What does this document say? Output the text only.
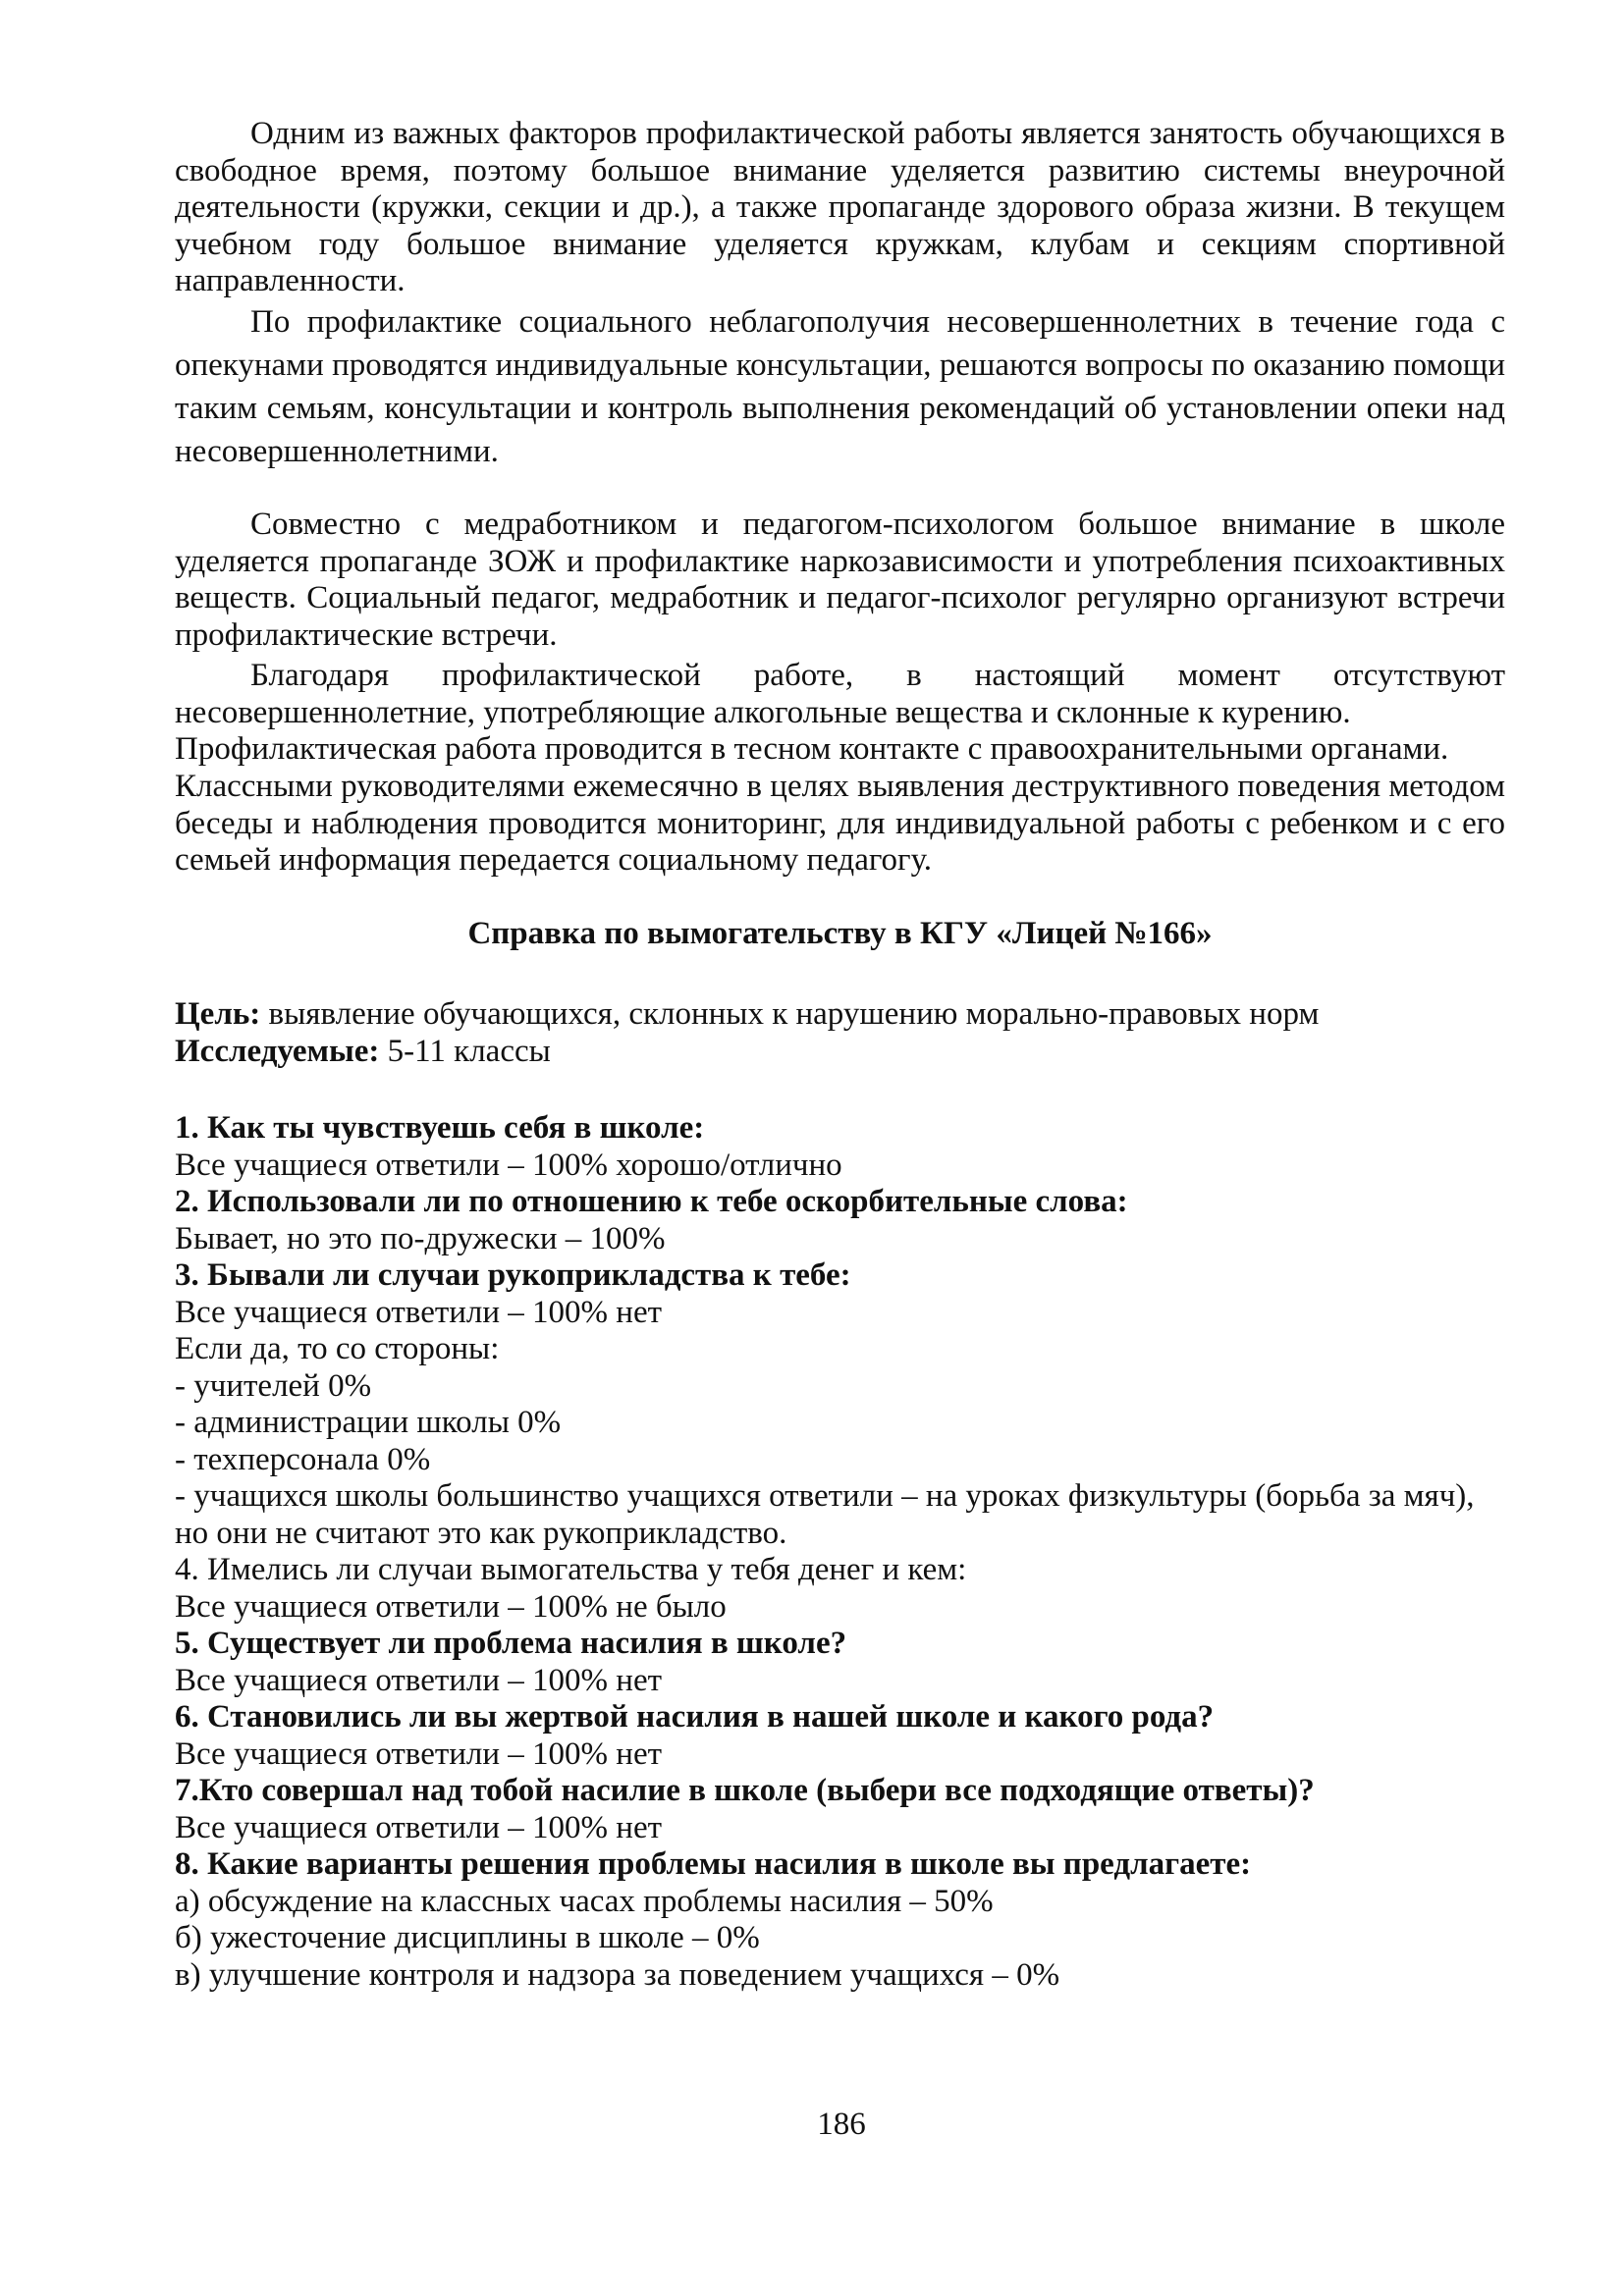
Одним из важных факторов профилактической работы является занятость обучающихся в свободное время, поэтому большое внимание уделяется развитию системы внеурочной деятельности (кружки, секции и др.), а также пропаганде здорового образа жизни. В текущем учебном году большое внимание уделяется кружкам, клубам и секциям спортивной направленности.

По профилактике социального неблагополучия несовершеннолетних в течение года с опекунами проводятся индивидуальные консультации, решаются вопросы по оказанию помощи таким семьям, консультации и контроль выполнения рекомендаций об установлении опеки над несовершеннолетними.

Совместно с медработником и педагогом-психологом большое внимание в школе уделяется пропаганде ЗОЖ и профилактике наркозависимости и употребления психоактивных веществ. Социальный педагог, медработник и педагог-психолог регулярно организуют встречи профилактические встречи.

Благодаря профилактической работе, в настоящий момент отсутствуют несовершеннолетние, употребляющие алкогольные вещества и склонные к курению.

Профилактическая работа проводится в тесном контакте с правоохранительными органами.

Классными руководителями ежемесячно в целях выявления деструктивного поведения методом беседы и наблюдения проводится мониторинг, для индивидуальной работы с ребенком и с его семьей информация передается социальному педагогу.

Справка по вымогательству в КГУ «Лицей №166»
Цель: выявление обучающихся, склонных к нарушению морально-правовых норм
Исследуемые: 5-11 классы
1. Как ты чувствуешь себя в школе:
Все учащиеся ответили – 100% хорошо/отлично
2. Использовали ли по отношению к тебе оскорбительные слова:
Бывает, но это по-дружески – 100%
3. Бывали ли случаи рукоприкладства к тебе:
Все учащиеся ответили – 100% нет
Если да, то со стороны:
- учителей 0%
- администрации школы 0%
- техперсонала 0%
- учащихся школы большинство учащихся ответили – на уроках физкультуры (борьба за мяч),
но они не считают это как рукоприкладство.
4. Имелись ли случаи вымогательства у тебя денег и кем:
Все учащиеся ответили – 100% не было
5. Существует ли проблема насилия в школе?
Все учащиеся ответили – 100% нет
6. Становились ли вы жертвой насилия в нашей школе и какого рода?
Все учащиеся ответили – 100% нет
7.Кто совершал над тобой насилие в школе (выбери все подходящие ответы)?
Все учащиеся ответили – 100% нет
8. Какие варианты решения проблемы насилия в школе вы предлагаете:
а) обсуждение на классных часах проблемы насилия – 50%
б) ужесточение дисциплины в школе – 0%
в) улучшение контроля и надзора за поведением учащихся – 0%
186
